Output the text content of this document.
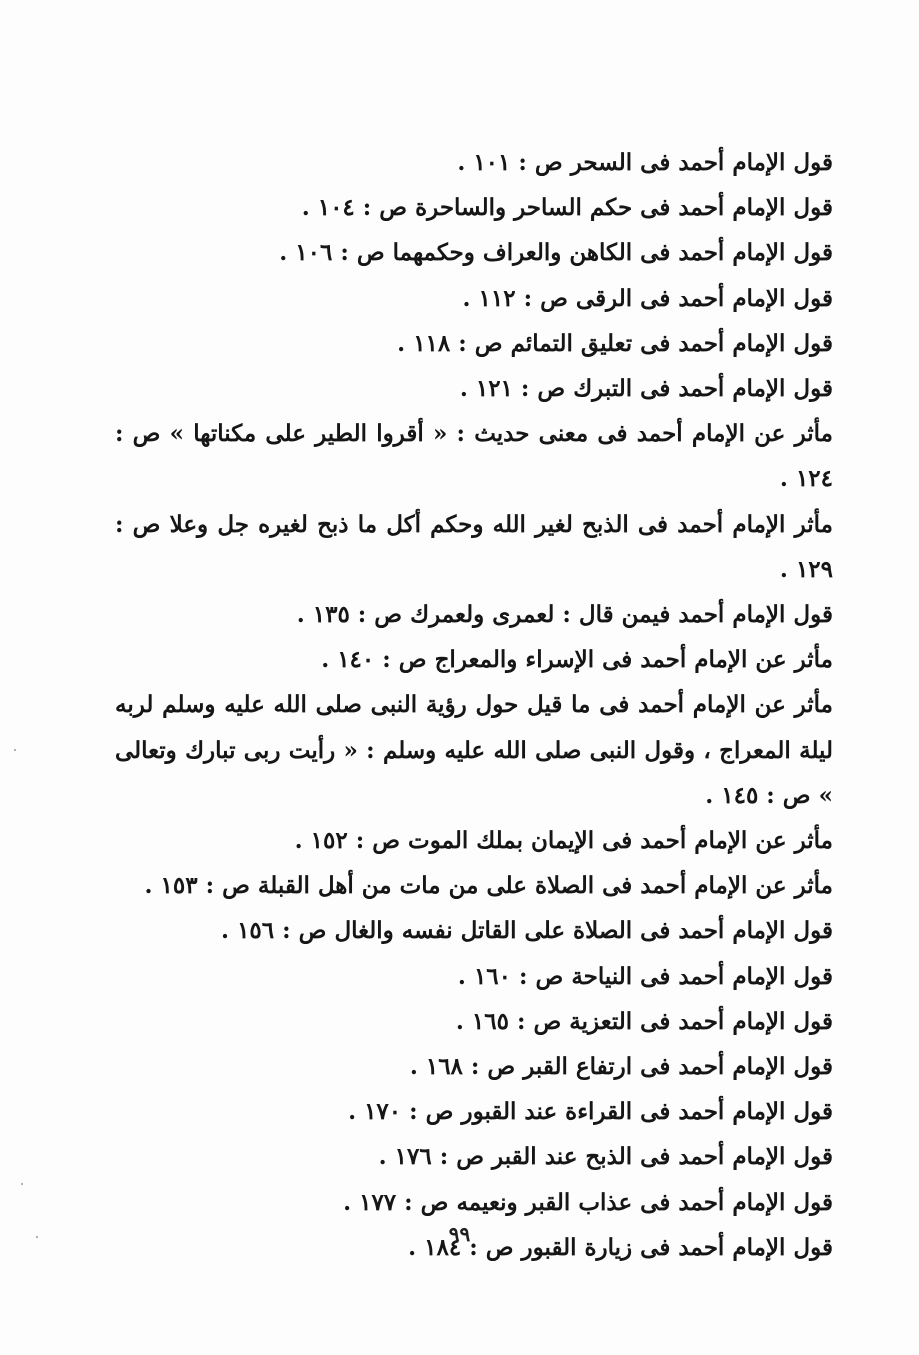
قول الإمام أحمد فى السحر ص : ١٠١ .

قول الإمام أحمد فى حكم الساحر والساحرة ص : ١٠٤ .

قول الإمام أحمد فى الكاهن والعراف وحكمهما ص : ١٠٦ .

قول الإمام أحمد فى الرقى ص : ١١٢ .

قول الإمام أحمد فى تعليق التمائم ص : ١١٨ .

قول الإمام أحمد فى التبرك ص : ١٢١ .

مأثر عن الإمام أحمد فى معنى حديث : « أقروا الطير على مكناتها » ص : ١٢٤ .

مأثر الإمام أحمد فى الذبح لغير الله وحكم أكل ما ذبح لغيره جل وعلا ص : ١٢٩ .

قول الإمام أحمد فيمن قال : لعمرى ولعمرك ص : ١٣٥ .

مأثر عن الإمام أحمد فى الإسراء والمعراج ص : ١٤٠ .

مأثر عن الإمام أحمد فى ما قيل حول رؤية النبى صلى الله عليه وسلم لربه ليلة المعراج ، وقول النبى صلى الله عليه وسلم : « رأيت ربى تبارك وتعالى » ص : ١٤٥ .

مأثر عن الإمام أحمد فى الإيمان بملك الموت ص : ١٥٢ .

مأثر عن الإمام أحمد فى الصلاة على من مات من أهل القبلة ص : ١٥٣ .

قول الإمام أحمد فى الصلاة على القاتل نفسه والغال ص : ١٥٦ .

قول الإمام أحمد فى النياحة ص : ١٦٠ .

قول الإمام أحمد فى التعزية ص : ١٦٥ .

قول الإمام أحمد فى ارتفاع القبر ص : ١٦٨ .

قول الإمام أحمد فى القراءة عند القبور ص : ١٧٠ .

قول الإمام أحمد فى الذبح عند القبر ص : ١٧٦ .

قول الإمام أحمد فى عذاب القبر ونعيمه ص : ١٧٧ .

قول الإمام أحمد فى زيارة القبور ص : ١٨٤ .

٩٩
